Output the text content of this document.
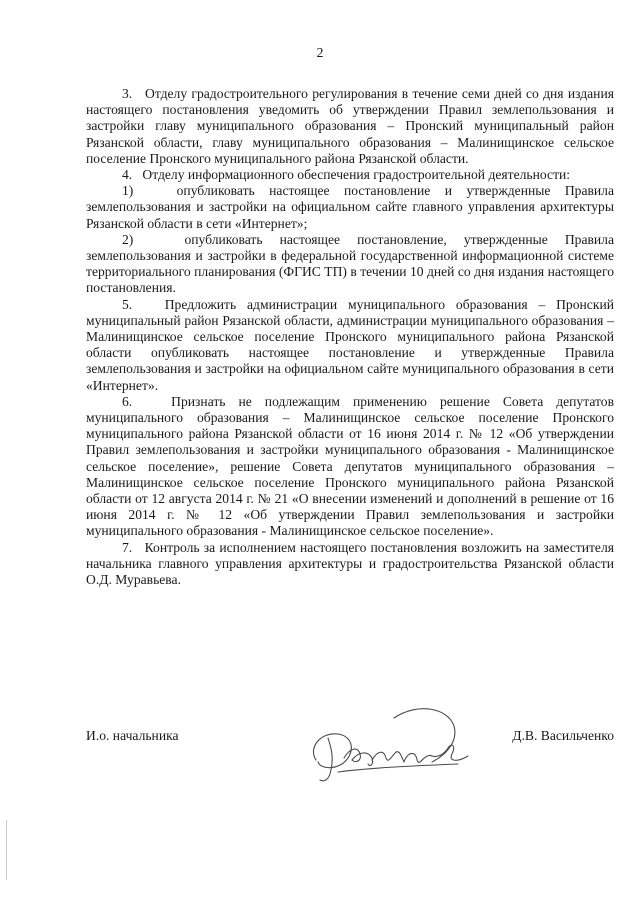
2

3.   Отделу градостроительного регулирования в течение семи дней со дня издания настоящего постановления уведомить об утверждении Правил землепользования и застройки главу муниципального образования – Пронский муниципальный район Рязанской области, главу муниципального образования – Малинищинское сельское поселение Пронского муниципального района Рязанской области.

4.   Отделу информационного обеспечения градостроительной деятельности:

1)   опубликовать настоящее постановление и утвержденные Правила землепользования и застройки на официальном сайте главного управления архитектуры Рязанской области в сети «Интернет»;

2)   опубликовать настоящее постановление, утвержденные Правила землепользования и застройки в федеральной государственной информационной системе территориального планирования (ФГИС ТП) в течении 10 дней со дня издания настоящего постановления.

5.   Предложить администрации муниципального образования – Пронский муниципальный район Рязанской области, администрации муниципального образования – Малинищинское сельское поселение Пронского муниципального района Рязанской области опубликовать настоящее постановление и утвержденные Правила землепользования и застройки на официальном сайте муниципального образования в сети «Интернет».

6.   Признать не подлежащим применению решение Совета депутатов муниципального образования – Малинищинское сельское поселение Пронского муниципального района Рязанской области от 16 июня 2014 г. № 12 «Об утверждении Правил землепользования и застройки муниципального образования - Малинищинское сельское поселение», решение Совета депутатов муниципального образования – Малинищинское сельское поселение Пронского муниципального района Рязанской области от 12 августа 2014 г. № 21 «О внесении изменений и дополнений в решение от 16 июня 2014 г. № 12 «Об утверждении Правил землепользования и застройки муниципального образования - Малинищинское сельское поселение».

7.   Контроль за исполнением настоящего постановления возложить на заместителя начальника главного управления архитектуры и градостроительства Рязанской области О.Д. Муравьева.

И.о. начальника	Д.В. Васильченко
